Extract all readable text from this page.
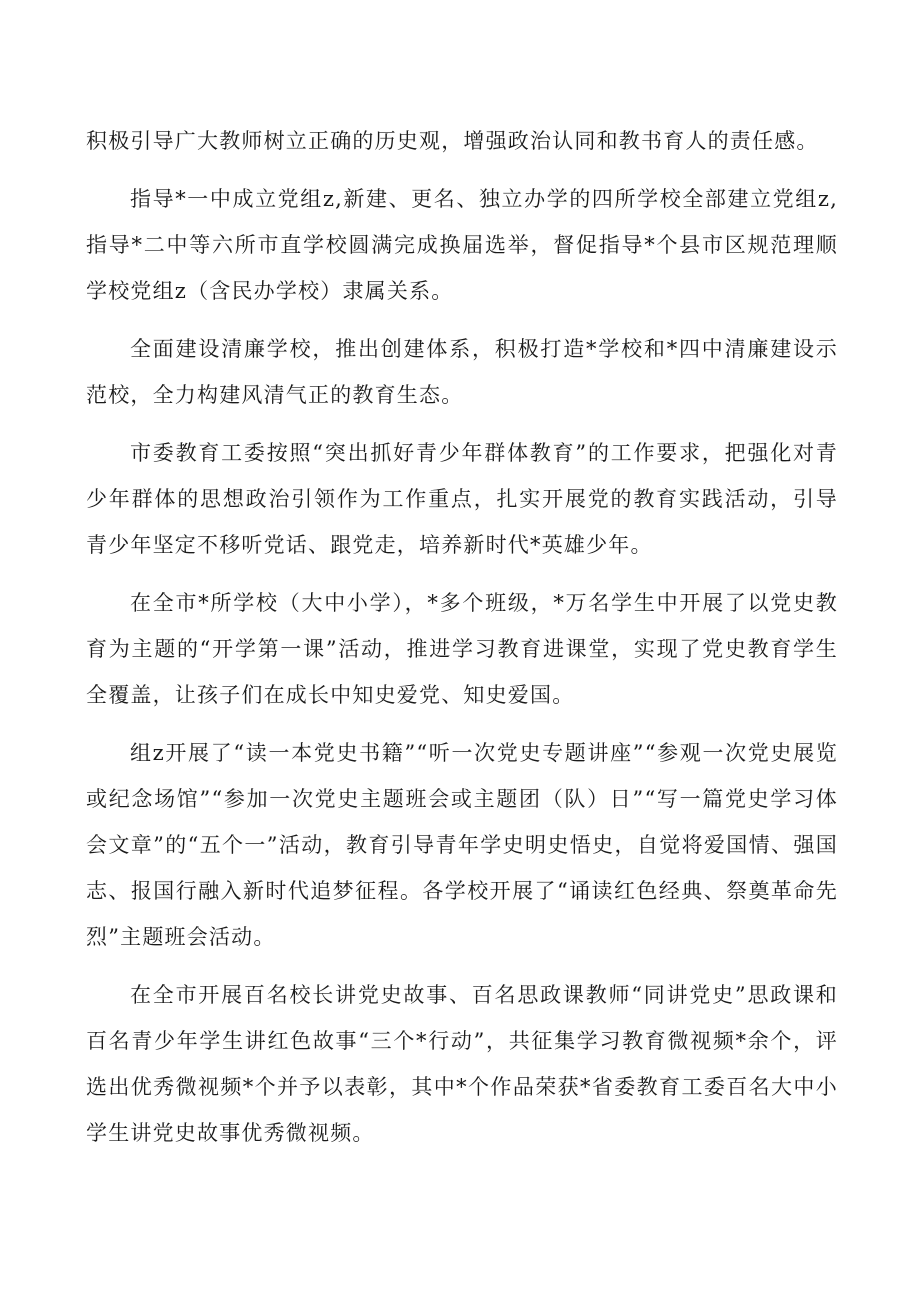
积极引导广大教师树立正确的历史观，增强政治认同和教书育人的责任感。

指导*一中成立党组z,新建、更名、独立办学的四所学校全部建立党组z,指导*二中等六所市直学校圆满完成换届选举，督促指导*个县市区规范理顺学校党组z（含民办学校）隶属关系。

全面建设清廉学校，推出创建体系，积极打造*学校和*四中清廉建设示范校，全力构建风清气正的教育生态。

市委教育工委按照“突出抓好青少年群体教育”的工作要求，把强化对青少年群体的思想政治引领作为工作重点，扎实开展党的教育实践活动，引导青少年坚定不移听党话、跟党走，培养新时代*英雄少年。

在全市*所学校（大中小学），*多个班级，*万名学生中开展了以党史教育为主题的“开学第一课”活动，推进学习教育进课堂，实现了党史教育学生全覆盖，让孩子们在成长中知史爱党、知史爱国。

组z开展了“读一本党史书籍”“听一次党史专题讲座”“参观一次党史展览或纪念场馆”“参加一次党史主题班会或主题团（队）日”“写一篇党史学习体会文章”的“五个一”活动，教育引导青年学史明史悟史，自觉将爱国情、强国志、报国行融入新时代追梦征程。各学校开展了“诵读红色经典、祭奠革命先烈”主题班会活动。

在全市开展百名校长讲党史故事、百名思政课教师“同讲党史”思政课和百名青少年学生讲红色故事“三个*行动”，共征集学习教育微视频*余个，评选出优秀微视频*个并予以表彰，其中*个作品荣获*省委教育工委百名大中小学生讲党史故事优秀微视频。
